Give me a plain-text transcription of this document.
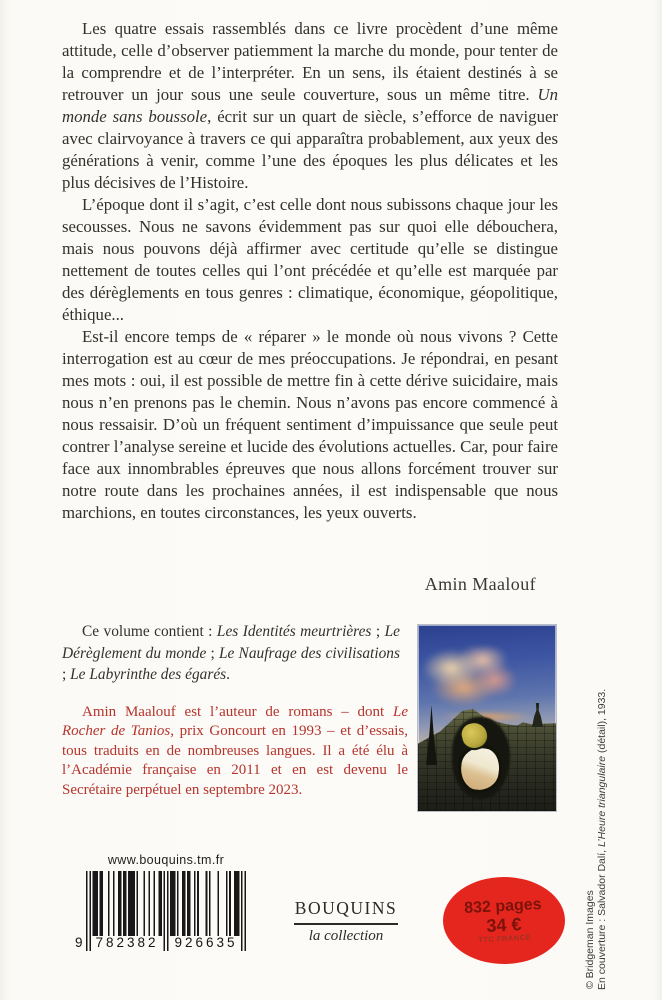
Les quatre essais rassemblés dans ce livre procèdent d’une même attitude, celle d’observer patiemment la marche du monde, pour tenter de la comprendre et de l’interpréter. En un sens, ils étaient destinés à se retrouver un jour sous une seule couverture, sous un même titre. Un monde sans boussole, écrit sur un quart de siècle, s’efforce de naviguer avec clairvoyance à travers ce qui apparaîtra probablement, aux yeux des générations à venir, comme l’une des époques les plus délicates et les plus décisives de l’Histoire.

L’époque dont il s’agit, c’est celle dont nous subissons chaque jour les secousses. Nous ne savons évidemment pas sur quoi elle débouchera, mais nous pouvons déjà affirmer avec certitude qu’elle se distingue nettement de toutes celles qui l’ont précédée et qu’elle est marquée par des dérèglements en tous genres : climatique, économique, géopolitique, éthique...

Est-il encore temps de « réparer » le monde où nous vivons ? Cette interrogation est au cœur de mes préoccupations. Je répondrai, en pesant mes mots : oui, il est possible de mettre fin à cette dérive suicidaire, mais nous n’en prenons pas le chemin. Nous n’avons pas encore commencé à nous ressaisir. D’où un fréquent sentiment d’impuissance que seule peut contrer l’analyse sereine et lucide des évolutions actuelles. Car, pour faire face aux innombrables épreuves que nous allons forcément trouver sur notre route dans les prochaines années, il est indispensable que nous marchions, en toutes circonstances, les yeux ouverts.

Amin Maalouf
Ce volume contient : Les Identités meurtrières ; Le Dérèglement du monde ; Le Naufrage des civilisations ; Le Labyrinthe des égarés.
Amin Maalouf est l’auteur de romans – dont Le Rocher de Tanios, prix Goncourt en 1993 – et d’essais, tous traduits en de nombreuses langues. Il a été élu à l’Académie française en 2011 et en est devenu le Secrétaire perpétuel en septembre 2023.
En couverture : Salvador Dalí, L’Heure triangulaire (détail), 1933.
© Bridgeman Images
www.bouquins.tm.fr
9 782382 926635
BOUQUINS
la collection
832 pages
34 €
TTC FRANCE
